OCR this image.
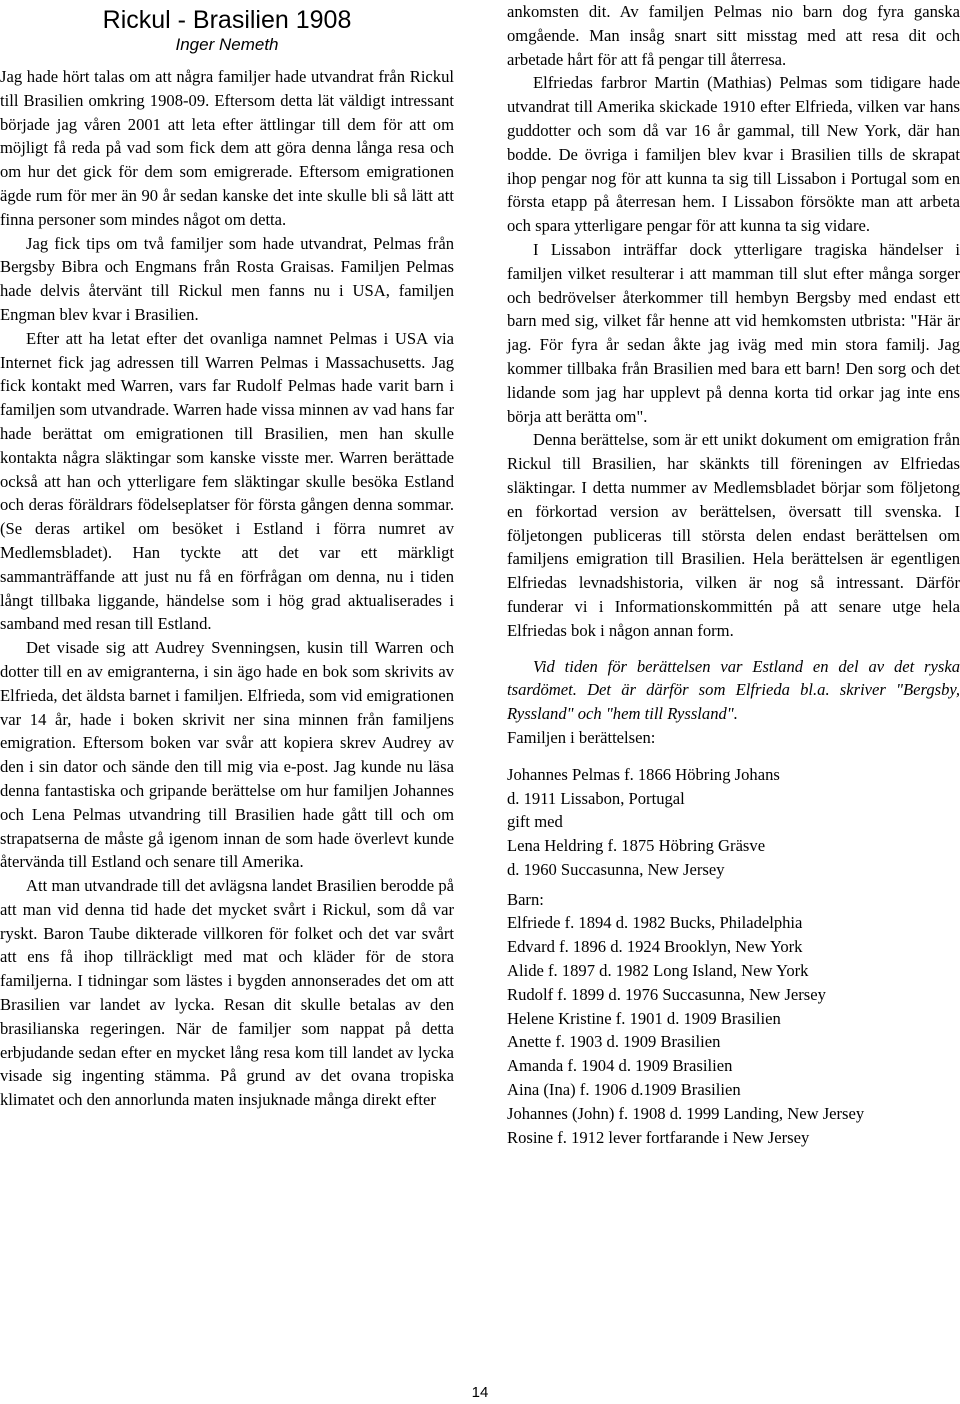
Rickul - Brasilien 1908
Inger Nemeth

Jag hade hört talas om att några familjer hade utvandrat från Rickul till Brasilien omkring 1908-09. Eftersom detta lät väldigt intressant började jag våren 2001 att leta efter ättlingar till dem för att om möjligt få reda på vad som fick dem att göra denna långa resa och om hur det gick för dem som emigrerade. Eftersom emigrationen ägde rum för mer än 90 år sedan kanske det inte skulle bli så lätt att finna personer som mindes något om detta.

Jag fick tips om två familjer som hade utvandrat, Pelmas från Bergsby Bibra och Engmans från Rosta Graisas. Familjen Pelmas hade delvis återvänt till Rickul men fanns nu i USA, familjen Engman blev kvar i Brasilien.

Efter att ha letat efter det ovanliga namnet Pelmas i USA via Internet fick jag adressen till Warren Pelmas i Massachusetts. Jag fick kontakt med Warren, vars far Rudolf Pelmas hade varit barn i familjen som utvandrade. Warren hade vissa minnen av vad hans far hade berättat om emigrationen till Brasilien, men han skulle kontakta några släktingar som kanske visste mer. Warren berättade också att han och ytterligare fem släktingar skulle besöka Estland och deras föräldrars födelseplatser för första gången denna sommar. (Se deras artikel om besöket i Estland i förra numret av Medlemsbladet). Han tyckte att det var ett märkligt sammanträffande att just nu få en förfrågan om denna, nu i tiden långt tillbaka liggande, händelse som i hög grad aktualiserades i samband med resan till Estland.

Det visade sig att Audrey Svenningsen, kusin till Warren och dotter till en av emigranterna, i sin ägo hade en bok som skrivits av Elfrieda, det äldsta barnet i familjen. Elfrieda, som vid emigrationen var 14 år, hade i boken skrivit ner sina minnen från familjens emigration. Eftersom boken var svår att kopiera skrev Audrey av den i sin dator och sände den till mig via e-post. Jag kunde nu läsa denna fantastiska och gripande berättelse om hur familjen Johannes och Lena Pelmas utvandring till Brasilien hade gått till och om strapatserna de måste gå igenom innan de som hade överlevt kunde återvända till Estland och senare till Amerika.

Att man utvandrade till det avlägsna landet Brasilien berodde på att man vid denna tid hade det mycket svårt i Rickul, som då var ryskt. Baron Taube dikterade villkoren för folket och det var svårt att ens få ihop tillräckligt med mat och kläder för de stora familjerna. I tidningar som lästes i bygden annonserades det om att Brasilien var landet av lycka. Resan dit skulle betalas av den brasilianska regeringen. När de familjer som nappat på detta erbjudande sedan efter en mycket lång resa kom till landet av lycka visade sig ingenting stämma. På grund av det ovana tropiska klimatet och den annorlunda maten insjuknade många direkt efter

ankomsten dit. Av familjen Pelmas nio barn dog fyra ganska omgående. Man insåg snart sitt misstag med att resa dit och arbetade hårt för att få pengar till återresa.

Elfriedas farbror Martin (Mathias) Pelmas som tidigare hade utvandrat till Amerika skickade 1910 efter Elfrieda, vilken var hans guddotter och som då var 16 år gammal, till New York, där han bodde. De övriga i familjen blev kvar i Brasilien tills de skrapat ihop pengar nog för att kunna ta sig till Lissabon i Portugal som en första etapp på återresan hem. I Lissabon försökte man att arbeta och spara ytterligare pengar för att kunna ta sig vidare.

I Lissabon inträffar dock ytterligare tragiska händelser i familjen vilket resulterar i att mamman till slut efter många sorger och bedrövelser återkommer till hembyn Bergsby med endast ett barn med sig, vilket får henne att vid hemkomsten utbrista: "Här är jag. För fyra år sedan åkte jag iväg med min stora familj. Jag kommer tillbaka från Brasilien med bara ett barn! Den sorg och det lidande som jag har upplevt på denna korta tid orkar jag inte ens börja att berätta om".

Denna berättelse, som är ett unikt dokument om emigration från Rickul till Brasilien, har skänkts till föreningen av Elfriedas släktingar. I detta nummer av Medlemsbladet börjar som följetong en förkortad version av berättelsen, översatt till svenska. I följetongen publiceras till största delen endast berättelsen om familjens emigration till Brasilien. Hela berättelsen är egentligen Elfriedas levnadshistoria, vilken är nog så intressant. Därför funderar vi i Informationskommittén på att senare utge hela Elfriedas bok i någon annan form.

Vid tiden för berättelsen var Estland en del av det ryska tsardömet. Det är därför som Elfrieda bl.a. skriver "Bergsby, Ryssland" och "hem till Ryssland".

Familjen i berättelsen:

Johannes Pelmas f. 1866 Höbring Johans

d. 1911 Lissabon, Portugal

gift med

Lena Heldring f. 1875 Höbring Gräsve

d. 1960 Succasunna, New Jersey

Barn:

Elfriede f. 1894 d. 1982 Bucks, Philadelphia

Edvard f. 1896 d. 1924 Brooklyn, New York

Alide f. 1897 d. 1982 Long Island, New York

Rudolf f. 1899 d. 1976 Succasunna, New Jersey

Helene Kristine f. 1901 d. 1909 Brasilien

Anette f. 1903 d. 1909 Brasilien

Amanda f. 1904 d. 1909 Brasilien

Aina (Ina) f. 1906 d.1909 Brasilien

Johannes (John) f. 1908 d. 1999 Landing, New Jersey

Rosine f. 1912 lever fortfarande i New Jersey

14
